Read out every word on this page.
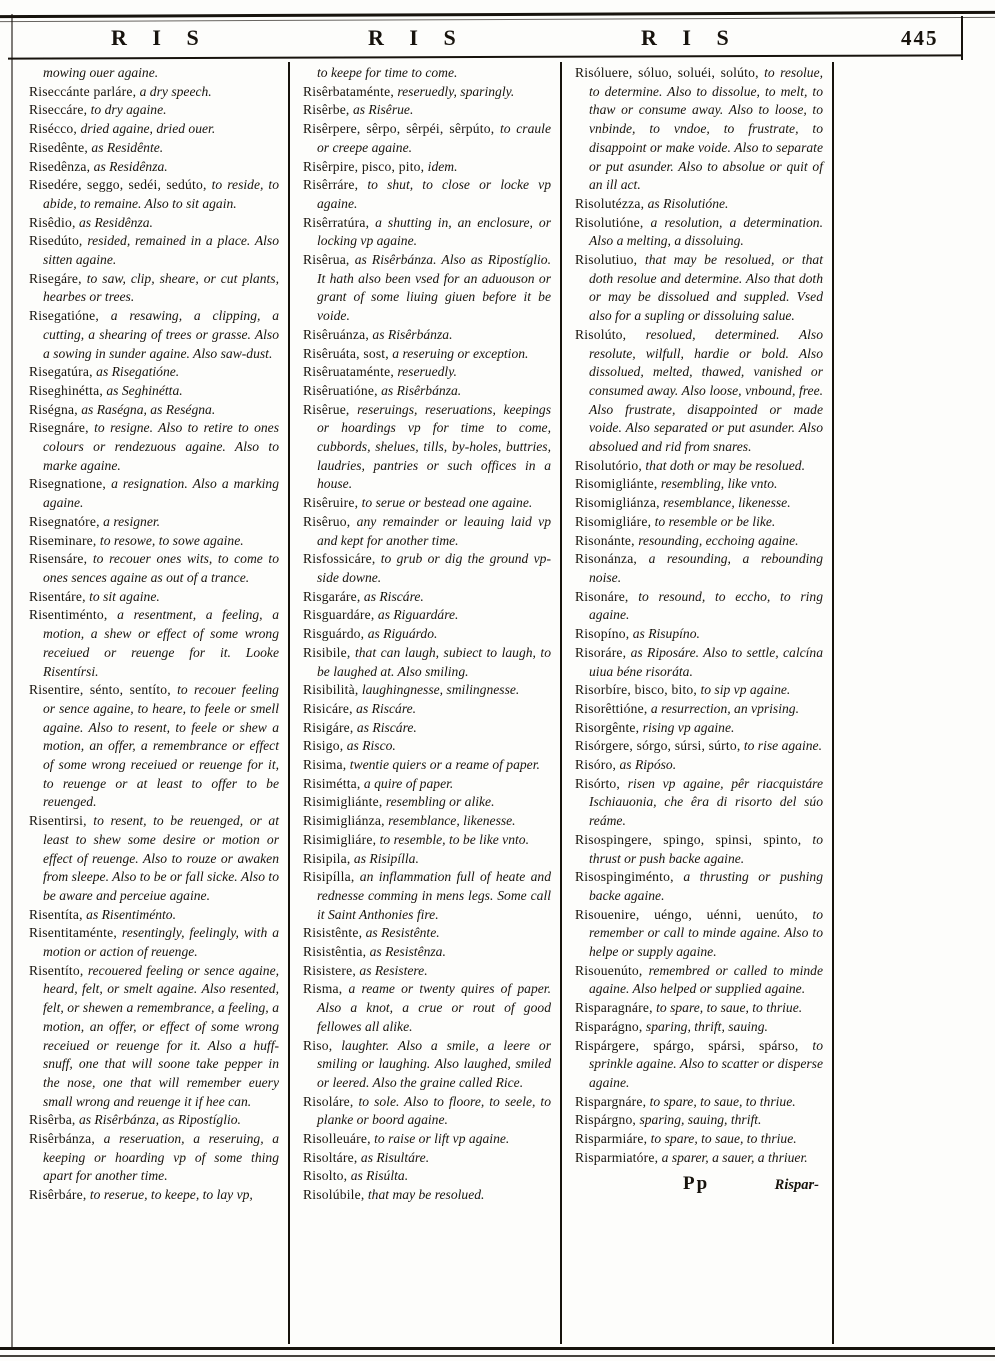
R I S	R I S	R I S	445

mowing ouer againe.

Riseccánte parláre, a dry speech.

Riseccáre, to dry againe.

Risécco, dried againe, dried ouer.

Risedênte, as Residênte.

Risedênza, as Residênza.

Risedére, seggo, sedéi, sedúto, to reside, to abide, to remaine. Also to sit again.

Risêdio, as Residênza.

Risedúto, resided, remained in a place. Also sitten againe.

Risegáre, to saw, clip, sheare, or cut plants, hearbes or trees.

Risegatióne, a resawing, a clipping, a cutting, a shearing of trees or grasse. Also a sowing in sunder againe. Also saw-dust.

Risegatúra, as Risegatióne.

Riseghinétta, as Seghinétta.

Riségna, as Raségna, as Reségna.

Risegnáre, to resigne. Also to retire to ones colours or rendezuous againe. Also to marke againe.

Risegnatione, a resignation. Also a marking againe.

Risegnatóre, a resigner.

Riseminare, to resowe, to sowe againe.

Risensáre, to recouer ones wits, to come to ones sences againe as out of a trance.

Risentáre, to sit againe.

Risentiménto, a resentment, a feeling, a motion, a shew or effect of some wrong receiued or reuenge for it. Looke Risentírsi.

Risentire, sénto, sentíto, to recouer feeling or sence againe, to heare, to feele or smell againe. Also to resent, to feele or shew a motion, an offer, a remembrance or effect of some wrong receiued or reuenge for it, to reuenge or at least to offer to be reuenged.

Risentirsi, to resent, to be reuenged, or at least to shew some desire or motion or effect of reuenge. Also to rouze or awaken from sleepe. Also to be or fall sicke. Also to be aware and perceiue againe.

Risentíta, as Risentiménto.

Risentitaménte, resentingly, feelingly, with a motion or action of reuenge.

Risentíto, recouered feeling or sence againe, heard, felt, or smelt againe. Also resented, felt, or shewen a remembrance, a feeling, a motion, an offer, or effect of some wrong receiued or reuenge for it. Also a huff-snuff, one that will soone take pepper in the nose, one that will remember euery small wrong and reuenge it if hee can.

Risêrba, as Risêrbánza, as Ripostíglio.

Risêrbánza, a reseruation, a reseruing, a keeping or hoarding vp of some thing apart for another time.

Risêrbáre, to reserue, to keepe, to lay vp,

to keepe for time to come.

Risêrbataménte, reseruedly, sparingly.

Risêrbe, as Risêrue.

Risêrpere, sêrpo, sêrpéi, sêrpúto, to craule or creepe againe.

Risêrpire, pisco, pito, idem.

Risêrráre, to shut, to close or locke vp againe.

Risêrratúra, a shutting in, an enclosure, or locking vp againe.

Risêrua, as Risêrbánza. Also as Ripostíglio. It hath also been vsed for an aduouson or grant of some liuing giuen before it be voide.

Risêruánza, as Risêrbánza.

Risêruáta, sost, a reseruing or exception.

Risêruataménte, reseruedly.

Risêruatióne, as Risêrbánza.

Risêrue, reseruings, reseruations, keepings or hoardings vp for time to come, cubbords, shelues, tills, by-holes, buttries, laudries, pantries or such offices in a house.

Risêruire, to serue or bestead one againe.

Risêruo, any remainder or leauing laid vp and kept for another time.

Risfossicáre, to grub or dig the ground vp-side downe.

Risgaráre, as Riscáre.

Risguardáre, as Riguardáre.

Risguárdo, as Riguárdo.

Risibile, that can laugh, subiect to laugh, to be laughed at. Also smiling.

Risibilità, laughingnesse, smilingnesse.

Risicáre, as Riscáre.

Risigáre, as Riscáre.

Risigo, as Risco.

Risima, twentie quiers or a reame of paper.

Risimétta, a quire of paper.

Risimigliánte, resembling or alike.

Risimigliánza, resemblance, likenesse.

Risimigliáre, to resemble, to be like vnto.

Risipila, as Risipílla.

Risipílla, an inflammation full of heate and rednesse comming in mens legs. Some call it Saint Anthonies fire.

Risistênte, as Resistênte.

Risistêntia, as Resistênza.

Risistere, as Resistere.

Risma, a reame or twenty quires of paper. Also a knot, a crue or rout of good fellowes all alike.

Riso, laughter. Also a smile, a leere or smiling or laughing. Also laughed, smiled or leered. Also the graine called Rice.

Risoláre, to sole. Also to floore, to seele, to planke or boord againe.

Risolleuáre, to raise or lift vp againe.

Risoltáre, as Risultáre.

Risolto, as Risúlta.

Risolúbile, that may be resolued.

Risóluere, sóluo, soluéi, solúto, to resolue, to determine. Also to dissolue, to melt, to thaw or consume away. Also to loose, to vnbinde, to vndoe, to frustrate, to disappoint or make voide. Also to separate or put asunder. Also to absolue or quit of an ill act.

Risolutézza, as Risolutióne.

Risolutióne, a resolution, a determination. Also a melting, a dissoluing.

Risolutiuo, that may be resolued, or that doth resolue and determine. Also that doth or may be dissolued and suppled. Vsed also for a supling or dissoluing salue.

Risolúto, resolued, determined. Also resolute, wilfull, hardie or bold. Also dissolued, melted, thawed, vanished or consumed away. Also loose, vnbound, free. Also frustrate, disappointed or made voide. Also separated or put asunder. Also absolued and rid from snares.

Risolutório, that doth or may be resolued.

Risomigliánte, resembling, like vnto.

Risomigliánza, resemblance, likenesse.

Risomigliáre, to resemble or be like.

Risonánte, resounding, ecchoing againe.

Risonánza, a resounding, a rebounding noise.

Risonáre, to resound, to eccho, to ring againe.

Risopíno, as Risupíno.

Risoráre, as Riposáre. Also to settle, calcína uiua béne risoráta.

Risorbíre, bisco, bito, to sip vp againe.

Risorêttióne, a resurrection, an vprising.

Risorgênte, rising vp againe.

Risórgere, sórgo, súrsi, súrto, to rise againe.

Risóro, as Ripóso.

Risórto, risen vp againe, pêr riacquistáre Ischiauonia, che êra di risorto del súo reáme.

Risospingere, spingo, spinsi, spinto, to thrust or push backe againe.

Risospingiménto, a thrusting or pushing backe againe.

Risouenire, uéngo, uénni, uenúto, to remember or call to minde againe. Also to helpe or supply againe.

Risouenúto, remembred or called to minde againe. Also helped or supplied againe.

Risparagnáre, to spare, to saue, to thriue.

Risparágno, sparing, thrift, sauing.

Rispárgere, spárgo, spársi, spárso, to sprinkle againe. Also to scatter or disperse againe.

Rispargnáre, to spare, to saue, to thriue.

Rispárgno, sparing, sauing, thrift.

Risparmiáre, to spare, to saue, to thriue.

Risparmiatóre, a sparer, a sauer, a thriuer.

Pp	Rispar-
